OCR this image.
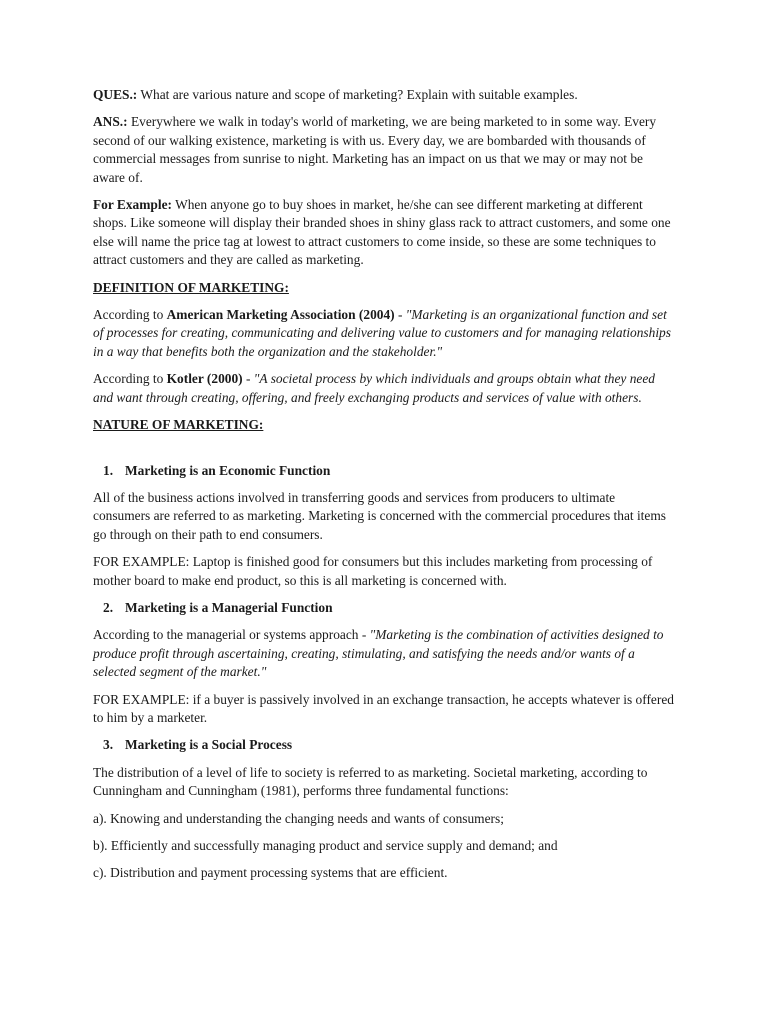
QUES.: What are various nature and scope of marketing? Explain with suitable examples.

ANS.: Everywhere we walk in today's world of marketing, we are being marketed to in some way. Every second of our walking existence, marketing is with us. Every day, we are bombarded with thousands of commercial messages from sunrise to night. Marketing has an impact on us that we may or may not be aware of.

For Example: When anyone go to buy shoes in market, he/she can see different marketing at different shops. Like someone will display their branded shoes in shiny glass rack to attract customers, and some one else will name the price tag at lowest to attract customers to come inside, so these are some techniques to attract customers and they are called as marketing.

DEFINITION OF MARKETING:

According to American Marketing Association (2004) - "Marketing is an organizational function and set of processes for creating, communicating and delivering value to customers and for managing relationships in a way that benefits both the organization and the stakeholder."

According to Kotler (2000) - "A societal process by which individuals and groups obtain what they need and want through creating, offering, and freely exchanging products and services of value with others.

NATURE OF MARKETING:
1. Marketing is an Economic Function

All of the business actions involved in transferring goods and services from producers to ultimate consumers are referred to as marketing. Marketing is concerned with the commercial procedures that items go through on their path to end consumers.

FOR EXAMPLE: Laptop is finished good for consumers but this includes marketing from processing of mother board to make end product, so this is all marketing is concerned with.

2. Marketing is a Managerial Function

According to the managerial or systems approach - "Marketing is the combination of activities designed to produce profit through ascertaining, creating, stimulating, and satisfying the needs and/or wants of a selected segment of the market."

FOR EXAMPLE: if a buyer is passively involved in an exchange transaction, he accepts whatever is offered to him by a marketer.

3. Marketing is a Social Process

The distribution of a level of life to society is referred to as marketing. Societal marketing, according to Cunningham and Cunningham (1981), performs three fundamental functions:

a). Knowing and understanding the changing needs and wants of consumers;

b). Efficiently and successfully managing product and service supply and demand; and

c). Distribution and payment processing systems that are efficient.
